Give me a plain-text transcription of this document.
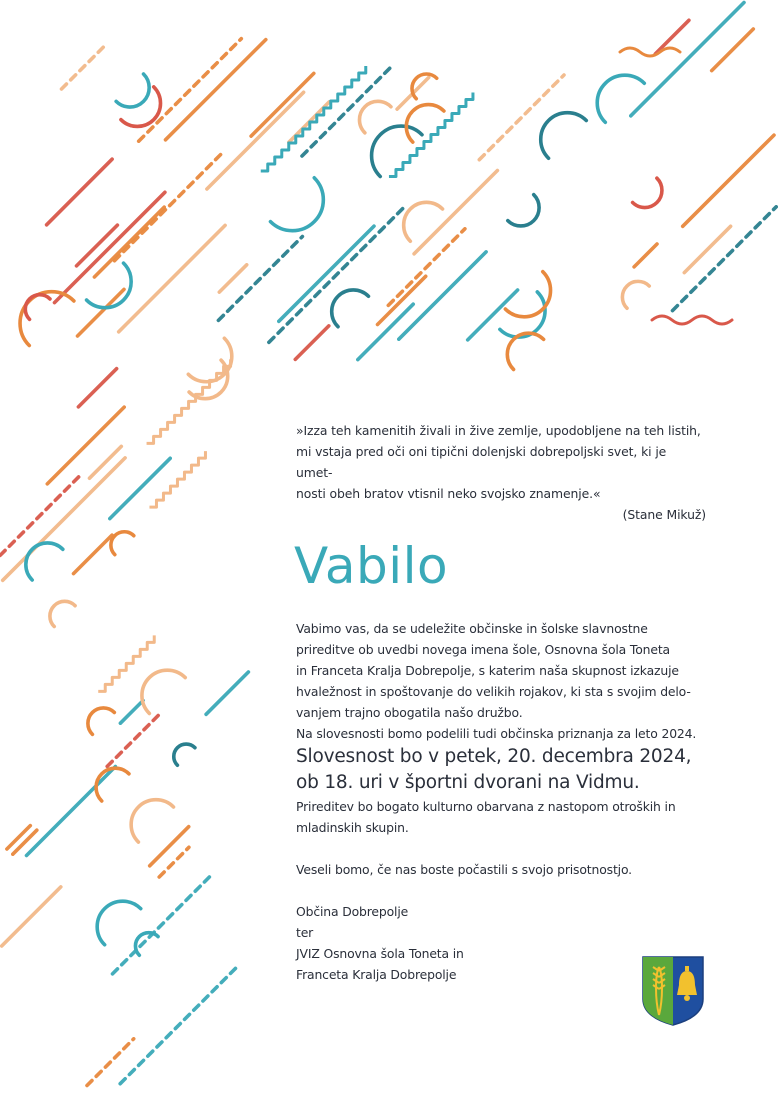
»Izza teh kamenitih živali in žive zemlje, upodobljene na teh listih,

mi vstaja pred oči oni tipični dolenjski dobrepoljski svet, ki je umet-

nosti obeh bratov vtisnil neko svojsko znamenje.«

(Stane Mikuž)

Vabilo

Vabimo vas, da se udeležite občinske in šolske slavnostne

prireditve ob uvedbi novega imena šole, Osnovna šola Toneta

in Franceta Kralja Dobrepolje, s katerim naša skupnost izkazuje

hvaležnost in spoštovanje do velikih rojakov, ki sta s svojim delo-

vanjem trajno obogatila našo družbo.

Na slovesnosti bomo podelili tudi občinska priznanja za leto 2024.

Slovesnost bo v petek, 20. decembra 2024,

ob 18. uri v športni dvorani na Vidmu.

Prireditev bo bogato kulturno obarvana z nastopom otroških in

mladinskih skupin.

Veseli bomo, če nas boste počastili s svojo prisotnostjo.

Občina Dobrepolje

ter

JVIZ Osnovna šola Toneta in

Franceta Kralja Dobrepolje
